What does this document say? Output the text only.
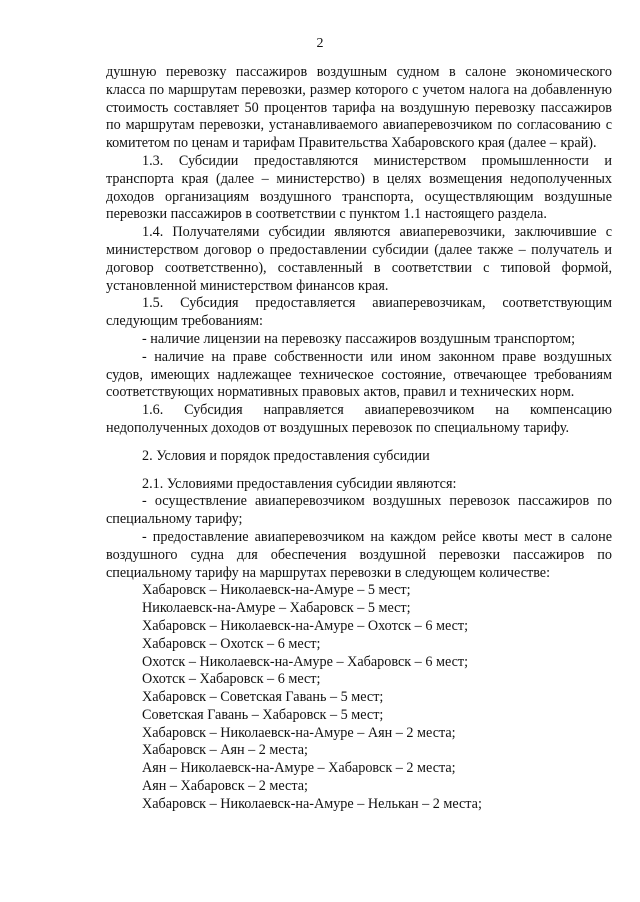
2

душную перевозку пассажиров воздушным судном в салоне экономического класса по маршрутам перевозки, размер которого с учетом налога на добавленную стоимость составляет 50 процентов тарифа на воздушную перевозку пассажиров по маршрутам перевозки, устанавливаемого авиаперевозчиком по согласованию с комитетом по ценам и тарифам Правительства Хабаровского края (далее – край).

1.3. Субсидии предоставляются министерством промышленности и транспорта края (далее – министерство) в целях возмещения недополученных доходов организациям воздушного транспорта, осуществляющим воздушные перевозки пассажиров в соответствии с пунктом 1.1 настоящего раздела.

1.4. Получателями субсидии являются авиаперевозчики, заключившие с министерством договор о предоставлении субсидии (далее также – получатель и договор соответственно), составленный в соответствии с типовой формой, установленной министерством финансов края.

1.5. Субсидия предоставляется авиаперевозчикам, соответствующим следующим требованиям:

- наличие лицензии на перевозку пассажиров воздушным транспортом;

- наличие на праве собственности или ином законном праве воздушных судов, имеющих надлежащее техническое состояние, отвечающее требованиям соответствующих нормативных правовых актов, правил и технических норм.

1.6. Субсидия направляется авиаперевозчиком на компенсацию недополученных доходов от воздушных перевозок по специальному тарифу.

2. Условия и порядок предоставления субсидии

2.1. Условиями предоставления субсидии являются:

- осуществление авиаперевозчиком воздушных перевозок пассажиров по специальному тарифу;

- предоставление авиаперевозчиком на каждом рейсе квоты мест в салоне воздушного судна для обеспечения воздушной перевозки пассажиров по специальному тарифу на маршрутах перевозки в следующем количестве:

Хабаровск – Николаевск-на-Амуре – 5 мест;

Николаевск-на-Амуре – Хабаровск – 5 мест;

Хабаровск – Николаевск-на-Амуре – Охотск – 6 мест;

Хабаровск – Охотск – 6 мест;

Охотск – Николаевск-на-Амуре – Хабаровск – 6 мест;

Охотск – Хабаровск – 6 мест;

Хабаровск – Советская Гавань – 5 мест;

Советская Гавань – Хабаровск – 5 мест;

Хабаровск – Николаевск-на-Амуре – Аян – 2 места;

Хабаровск – Аян – 2 места;

Аян – Николаевск-на-Амуре – Хабаровск – 2 места;

Аян – Хабаровск – 2 места;

Хабаровск – Николаевск-на-Амуре – Нелькан – 2 места;
